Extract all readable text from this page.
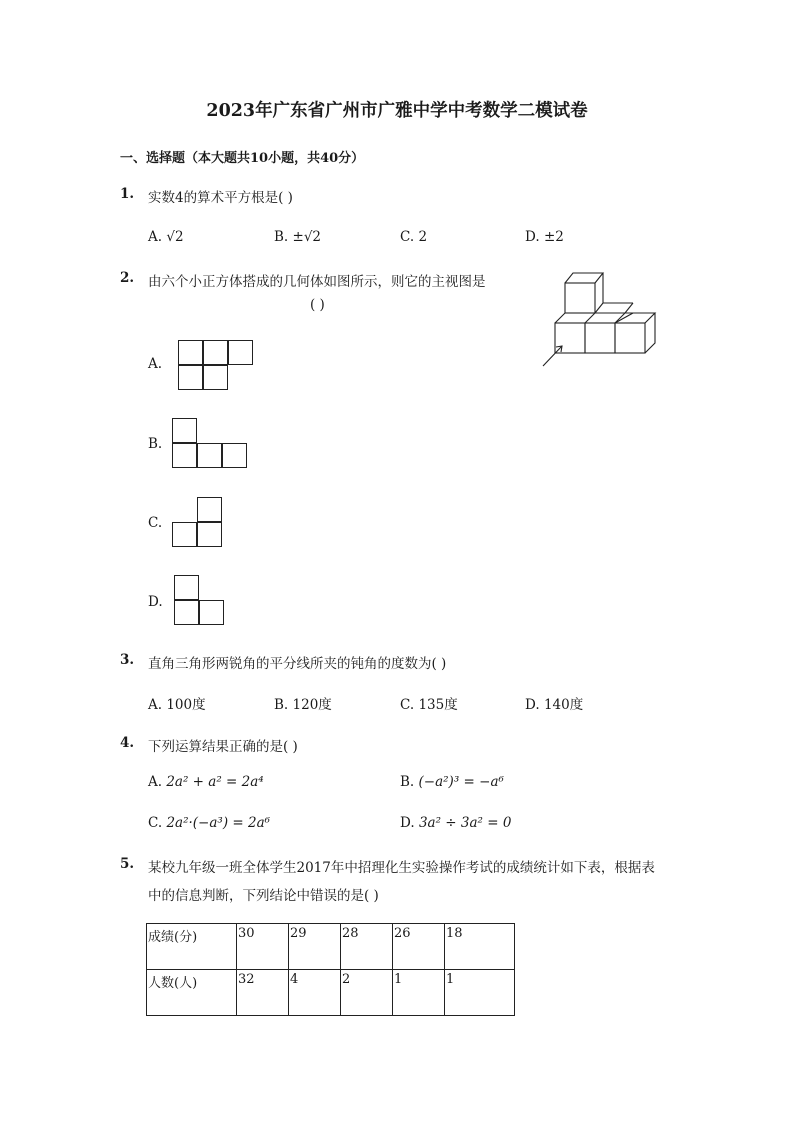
2023年广东省广州市广雅中学中考数学二模试卷
一、选择题（本大题共10小题，共40分）
1. 实数4的算术平方根是( )
A. √2	B. ±√2	C. 2	D. ±2
2. 由六个小正方体搭成的几何体如图所示，则它的主视图是
( )
A.
B.
C.
D.
3. 直角三角形两锐角的平分线所夹的钝角的度数为( )
A. 100度	B. 120度	C. 135度	D. 140度
4. 下列运算结果正确的是( )
A. 2a² + a² = 2a⁴	B. (−a²)³ = −a⁶
C. 2a²·(−a³) = 2a⁶	D. 3a² ÷ 3a² = 0
5. 某校九年级一班全体学生2017年中招理化生实验操作考试的成绩统计如下表，根据表
中的信息判断，下列结论中错误的是( )
成绩(分)	30	29	28	26	18
人数(人)	32	4	2	1	1
